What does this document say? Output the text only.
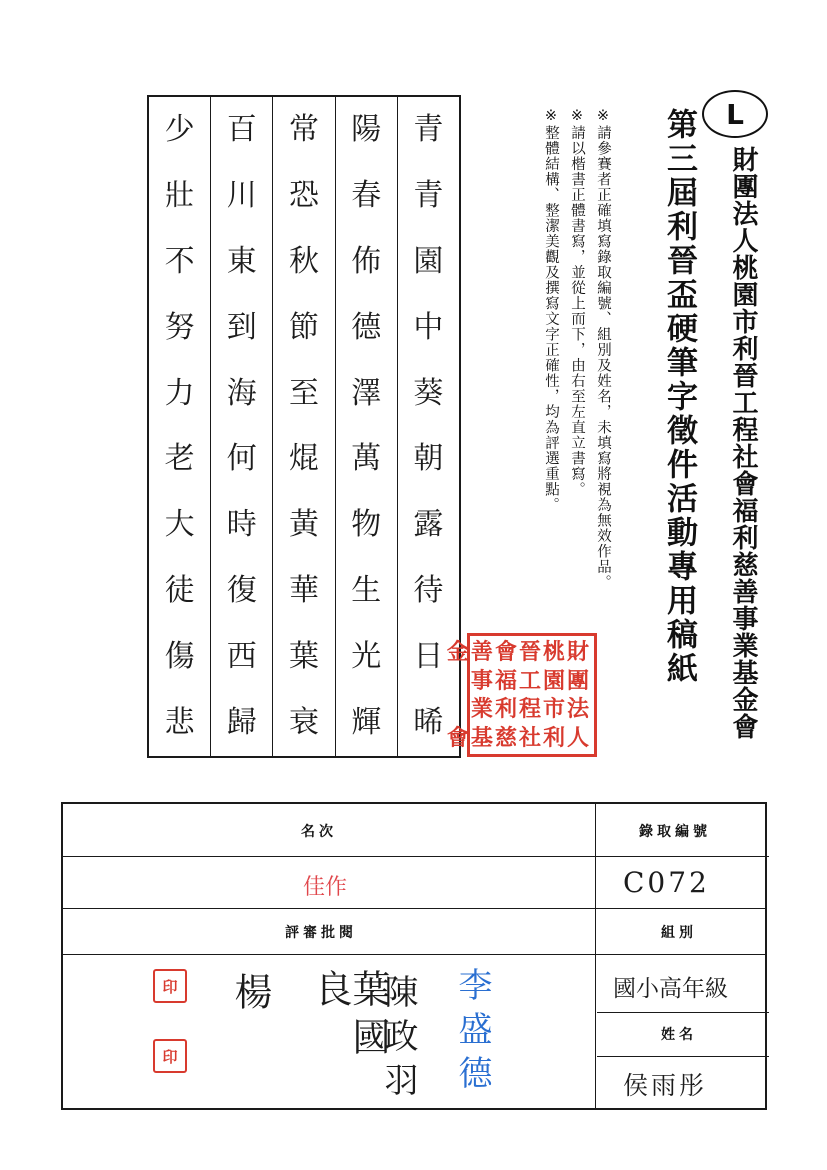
青
青
園
中
葵
朝
露
待
日
晞
陽
春
佈
德
澤
萬
物
生
光
輝
常
恐
秋
節
至
焜
黃
華
葉
衰
百
川
東
到
海
何
時
復
西
歸
少
壯
不
努
力
老
大
徒
傷
悲
L
財團法人桃園市利晉工程社會福利慈善事業基金會
第三屆利晉盃硬筆字徵件活動專用稿紙
※請參賽者正確填寫錄取編號、組別及姓名，未填寫將視為無效作品。
※請以楷書正體書寫，並從上而下，由右至左直立書寫。
※整體結構、整潔美觀及撰寫文字正確性，均為評選重點。
財
團
法
人
桃
園
市
利
晉
工
程
社
會
福
利
慈
善
事
業
基
金
會
名次	錄取編號
佳作	C072
評審批閱	組別
國小高年級
姓名
侯雨彤
印
印
楊	葉國良 陳政羽 李盛德
